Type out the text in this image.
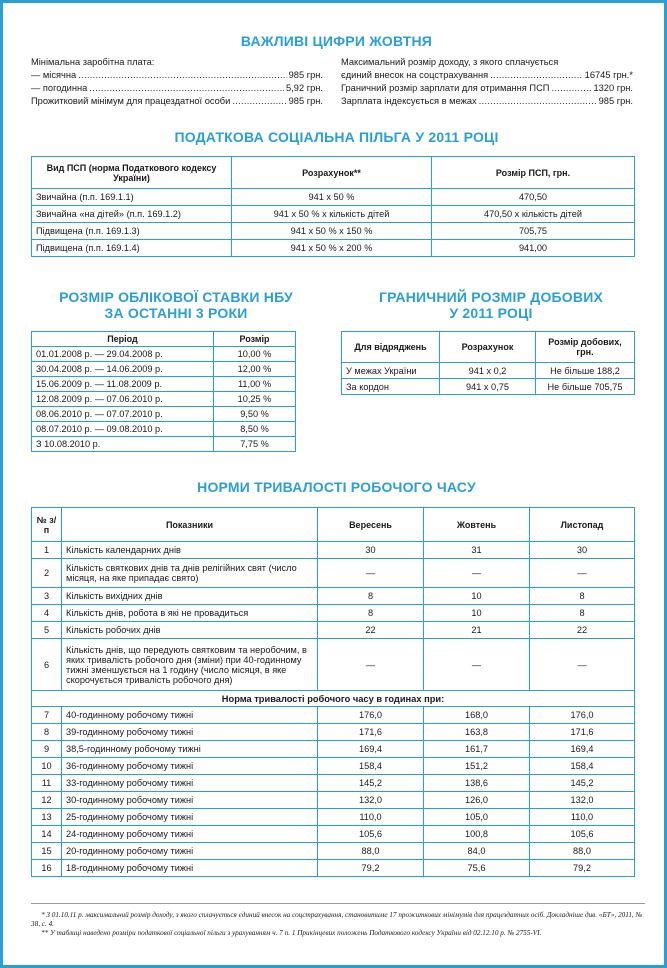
ВАЖЛИВІ ЦИФРИ ЖОВТНЯ
Мінімальна заробітна плата:
— місячна .....	985 грн.
— погодинна .....	5,92 грн.
Прожитковий мінімум для працездатної особи .....	985 грн.
Максимальний розмір доходу, з якого сплачується
єдиний внесок на соцстрахування .....	16745 грн.*
Граничний розмір зарплати для отримання ПСП .....	1320 грн.
Зарплата індексується в межах .....	985 грн.
ПОДАТКОВА СОЦІАЛЬНА ПІЛЬГА У 2011 РОЦІ
Вид ПСП (норма Податкового кодексу України)	Розрахунок**	Розмір ПСП, грн.
Звичайна (п.п. 169.1.1)	941 х 50 %	470,50
Звичайна «на дітей» (п.п. 169.1.2)	941 х 50 % х кількість дітей	470,50 х кількість дітей
Підвищена (п.п. 169.1.3)	941 х 50 % х 150 %	705,75
Підвищена (п.п. 169.1.4)	941 х 50 % х 200 %	941,00
РОЗМІР ОБЛІКОВОЇ СТАВКИ НБУ
ЗА ОСТАННІ 3 РОКИ
Період	Розмір
01.01.2008 р. — 29.04.2008 р.	10,00 %
30.04.2008 р. — 14.06.2009 р.	12,00 %
15.06.2009 р. — 11.08.2009 р.	11,00 %
12.08.2009 р. — 07.06.2010 р.	10,25 %
08.06.2010 р. — 07.07.2010 р.	9,50 %
08.07.2010 р. — 09.08.2010 р.	8,50 %
З 10.08.2010 р.	7,75 %
ГРАНИЧНИЙ РОЗМІР ДОБОВИХ
У 2011 РОЦІ
Для відряджень	Розрахунок	Розмір добових, грн.
У межах України	941 х 0,2	Не більше 188,2
За кордон	941 х 0,75	Не більше 705,75
НОРМИ ТРИВАЛОСТІ РОБОЧОГО ЧАСУ
№ з/п	Показники	Вересень	Жовтень	Листопад
1	Кількість календарних днів	30	31	30
2	Кількість святкових днів та днів релігійних свят (число місяця, на яке припадає свято)	—	—	—
3	Кількість вихідних днів	8	10	8
4	Кількість днів, робота в які не провадиться	8	10	8
5	Кількість робочих днів	22	21	22
6	Кількість днів, що передують святковим та неробочим, в яких тривалість робочого дня (зміни) при 40-годинному тижні зменшується на 1 годину (число місяця, в яке скорочується тривалість робочого дня)	—	—	—
Норма тривалості робочого часу в годинах при:				
7	40-годинному робочому тижні	176,0	168,0	176,0
8	39-годинному робочому тижні	171,6	163,8	171,6
9	38,5-годинному робочому тижні	169,4	161,7	169,4
10	36-годинному робочому тижні	158,4	151,2	158,4
11	33-годинному робочому тижні	145,2	138,6	145,2
12	30-годинному робочому тижні	132,0	126,0	132,0
13	25-годинному робочому тижні	110,0	105,0	110,0
14	24-годинному робочому тижні	105,6	100,8	105,6
15	20-годинному робочому тижні	88,0	84,0	88,0
16	18-годинному робочому тижні	79,2	75,6	79,2
* З 01.10.11 р. максимальний розмір доходу, з якого сплачується єдиний внесок на соцстрахування, становитиме 17 прожиткових мінімумів для працездатних осіб. Докладніше див. «БТ», 2011, № 38, с. 4.
** У таблиці наведено розміри податкової соціальної пільги з урахуванням ч. 7 п. 1 Прикінцевих положень Податкового кодексу України від 02.12.10 р. № 2755-VI.
